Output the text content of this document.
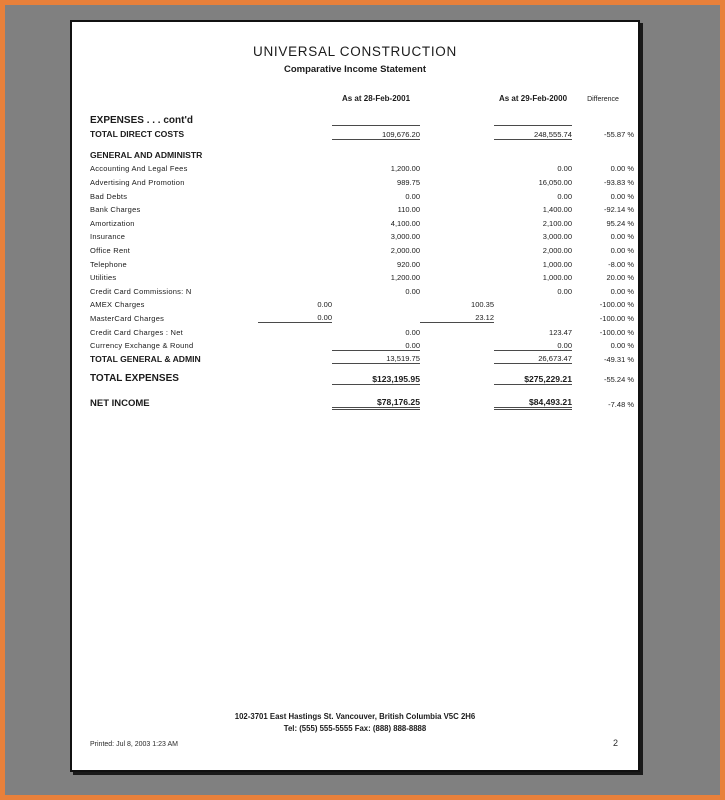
UNIVERSAL CONSTRUCTION
Comparative Income Statement
		As at 28-Feb-2001		As at 29-Feb-2000	Difference
EXPENSES . . . cont'd					
TOTAL DIRECT COSTS		109,676.20		248,555.74	-55.87 %

GENERAL AND ADMINISTR					
Accounting And Legal Fees		1,200.00		0.00	0.00 %
Advertising And Promotion		989.75		16,050.00	-93.83 %
Bad Debts		0.00		0.00	0.00 %
Bank Charges		110.00		1,400.00	-92.14 %
Amortization		4,100.00		2,100.00	95.24 %
Insurance		3,000.00		3,000.00	0.00 %
Office Rent		2,000.00		2,000.00	0.00 %
Telephone		920.00		1,000.00	-8.00 %
Utilities		1,200.00		1,000.00	20.00 %
Credit Card Commissions: N		0.00		0.00	0.00 %
AMEX Charges	0.00		100.35		-100.00 %
MasterCard Charges	0.00		23.12		-100.00 %
Credit Card Charges : Net		0.00		123.47	-100.00 %
Currency Exchange & Round		0.00		0.00	0.00 %
TOTAL GENERAL & ADMIN		13,519.75		26,673.47	-49.31 %

TOTAL EXPENSES		$123,195.95		$275,229.21	-55.24 %

NET INCOME		$78,176.25		$84,493.21	-7.48 %
102-3701 East Hastings St. Vancouver, British Columbia V5C 2H6
Tel: (555) 555-5555 Fax: (888) 888-8888
Printed: Jul 8, 2003 1:23 AM	2
